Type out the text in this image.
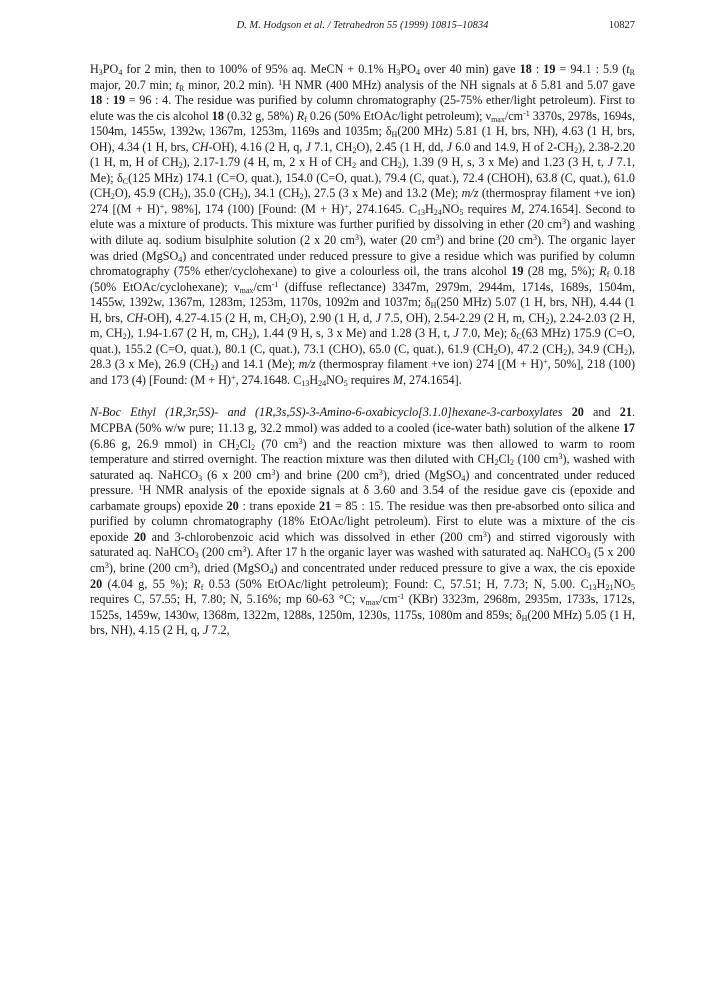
D. M. Hodgson et al. / Tetrahedron 55 (1999) 10815–10834	10827

$H_3PO_4$ for 2 min, then to 100% of 95% aq. MeCN + 0.1% $H_3PO_4$ over 40 min) gave 18 : 19 = 94.1 : 5.9 ($t_R$ major, 20.7 min; $t_R$ minor, 20.2 min). $^1$H NMR (400 MHz) analysis of the NH signals at δ 5.81 and 5.07 gave 18 : 19 = 96 : 4. The residue was purified by column chromatography (25-75% ether/light petroleum). First to elute was the cis alcohol 18 (0.32 g, 58%) $R_f$ 0.26 (50% EtOAc/light petroleum); $\nu_{max}/cm^{-1}$ 3370s, 2978s, 1694s, 1504m, 1455w, 1392w, 1367m, 1253m, 1169s and 1035m; $\delta_H(200$ MHz) 5.81 (1 H, brs, NH), 4.63 (1 H, brs, OH), 4.34 (1 H, brs, CH-OH), 4.16 (2 H, q, J 7.1, $CH_2O$), 2.45 (1 H, dd, J 6.0 and 14.9, H of $2-CH_2$), 2.38-2.20 (1 H, m, H of $CH_2$), 2.17-1.79 (4 H, m, 2 x H of $CH_2$ and $CH_2$), 1.39 (9 H, s, 3 x Me) and 1.23 (3 H, t, J 7.1, Me); $\delta_C(125$ MHz) 174.1 (C=O, quat.), 154.0 (C=O, quat.), 79.4 (C, quat.), 72.4 (CHOH), 63.8 (C, quat.), 61.0 $(CH_2O)$, 45.9 $(CH_2)$, 35.0 $(CH_2)$, 34.1 $(CH_2)$, 27.5 (3 x Me) and 13.2 (Me); m/z (thermospray filament +ve ion) 274 [(M + H)+, 98%], 174 (100) [Found: (M + H)+, 274.1645. $C_{13}H_{24}NO_5$ requires M, 274.1654]. Second to elute was a mixture of products. This mixture was further purified by dissolving in ether (20 $cm^3$) and washing with dilute aq. sodium bisulphite solution (2 x 20 $cm^3$), water (20 $cm^3$) and brine (20 $cm^3$). The organic layer was dried (MgSO$_4$) and concentrated under reduced pressure to give a residue which was purified by column chromatography (75% ether/cyclohexane) to give a colourless oil, the trans alcohol 19 (28 mg, 5%); $R_f$ 0.18 (50% EtOAc/cyclohexane); $\nu_{max}/cm^{-1}$ (diffuse reflectance) 3347m, 2979m, 2944m, 1714s, 1689s, 1504m, 1455w, 1392w, 1367m, 1283m, 1253m, 1170s, 1092m and 1037m; $\delta_H(250$ MHz) 5.07 (1 H, brs, NH), 4.44 (1 H, brs, CH-OH), 4.27-4.15 (2 H, m, $CH_2O$), 2.90 (1 H, d, J 7.5, OH), 2.54-2.29 (2 H, m, $CH_2$), 2.24-2.03 (2 H, m, $CH_2$), 1.94-1.67 (2 H, m, $CH_2$), 1.44 (9 H, s, 3 x Me) and 1.28 (3 H, t, J 7.0, Me); $\delta_C(63$ MHz) 175.9 (C=O, quat.), 155.2 (C=O, quat.), 80.1 (C, quat.), 73.1 (CHO), 65.0 (C, quat.), 61.9 $(CH_2O)$, 47.2 $(CH_2)$, 34.9 $(CH_2)$, 28.3 (3 x Me), 26.9 $(CH_2)$ and 14.1 (Me); m/z (thermospray filament +ve ion) 274 [(M + H)+, 50%], 218 (100) and 173 (4) [Found: (M + H)+, 274.1648. $C_{13}H_{24}NO_5$ requires M, 274.1654].

N-Boc Ethyl (1R,3r,5S)- and (1R,3s,5S)-3-Amino-6-oxabicyclo[3.1.0]hexane-3-carboxylates 20 and 21. MCPBA (50% w/w pure; 11.13 g, 32.2 mmol) was added to a cooled (ice-water bath) solution of the alkene 17 (6.86 g, 26.9 mmol) in $CH_2Cl_2$ (70 $cm^3$) and the reaction mixture was then allowed to warm to room temperature and stirred overnight. The reaction mixture was then diluted with $CH_2Cl_2$ (100 $cm^3$), washed with saturated aq. NaHCO$_3$ (6 x 200 $cm^3$) and brine (200 $cm^3$), dried (MgSO$_4$) and concentrated under reduced pressure. $^1$H NMR analysis of the epoxide signals at δ 3.60 and 3.54 of the residue gave cis (epoxide and carbamate groups) epoxide 20 : trans epoxide 21 = 85 : 15. The residue was then pre-absorbed onto silica and purified by column chromatography (18% EtOAc/light petroleum). First to elute was a mixture of the cis epoxide 20 and 3-chlorobenzoic acid which was dissolved in ether (200 $cm^3$) and stirred vigorously with saturated aq. NaHCO$_3$ (200 $cm^3$). After 17 h the organic layer was washed with saturated aq. NaHCO$_3$ (5 x 200 $cm^3$), brine (200 $cm^3$), dried (MgSO$_4$) and concentrated under reduced pressure to give a wax, the cis epoxide 20 (4.04 g, 55 %); $R_f$ 0.53 (50% EtOAc/light petroleum); Found: C, 57.51; H, 7.73; N, 5.00. $C_{13}H_{21}NO_5$ requires C, 57.55; H, 7.80; N, 5.16%; mp 60-63 °C; $\nu_{max}/cm^{-1}$ (KBr) 3323m, 2968m, 2935m, 1733s, 1712s, 1525s, 1459w, 1430w, 1368m, 1322m, 1288s, 1250m, 1230s, 1175s, 1080m and 859s; $\delta_H(200$ MHz) 5.05 (1 H, brs, NH), 4.15 (2 H, q, J 7.2,
